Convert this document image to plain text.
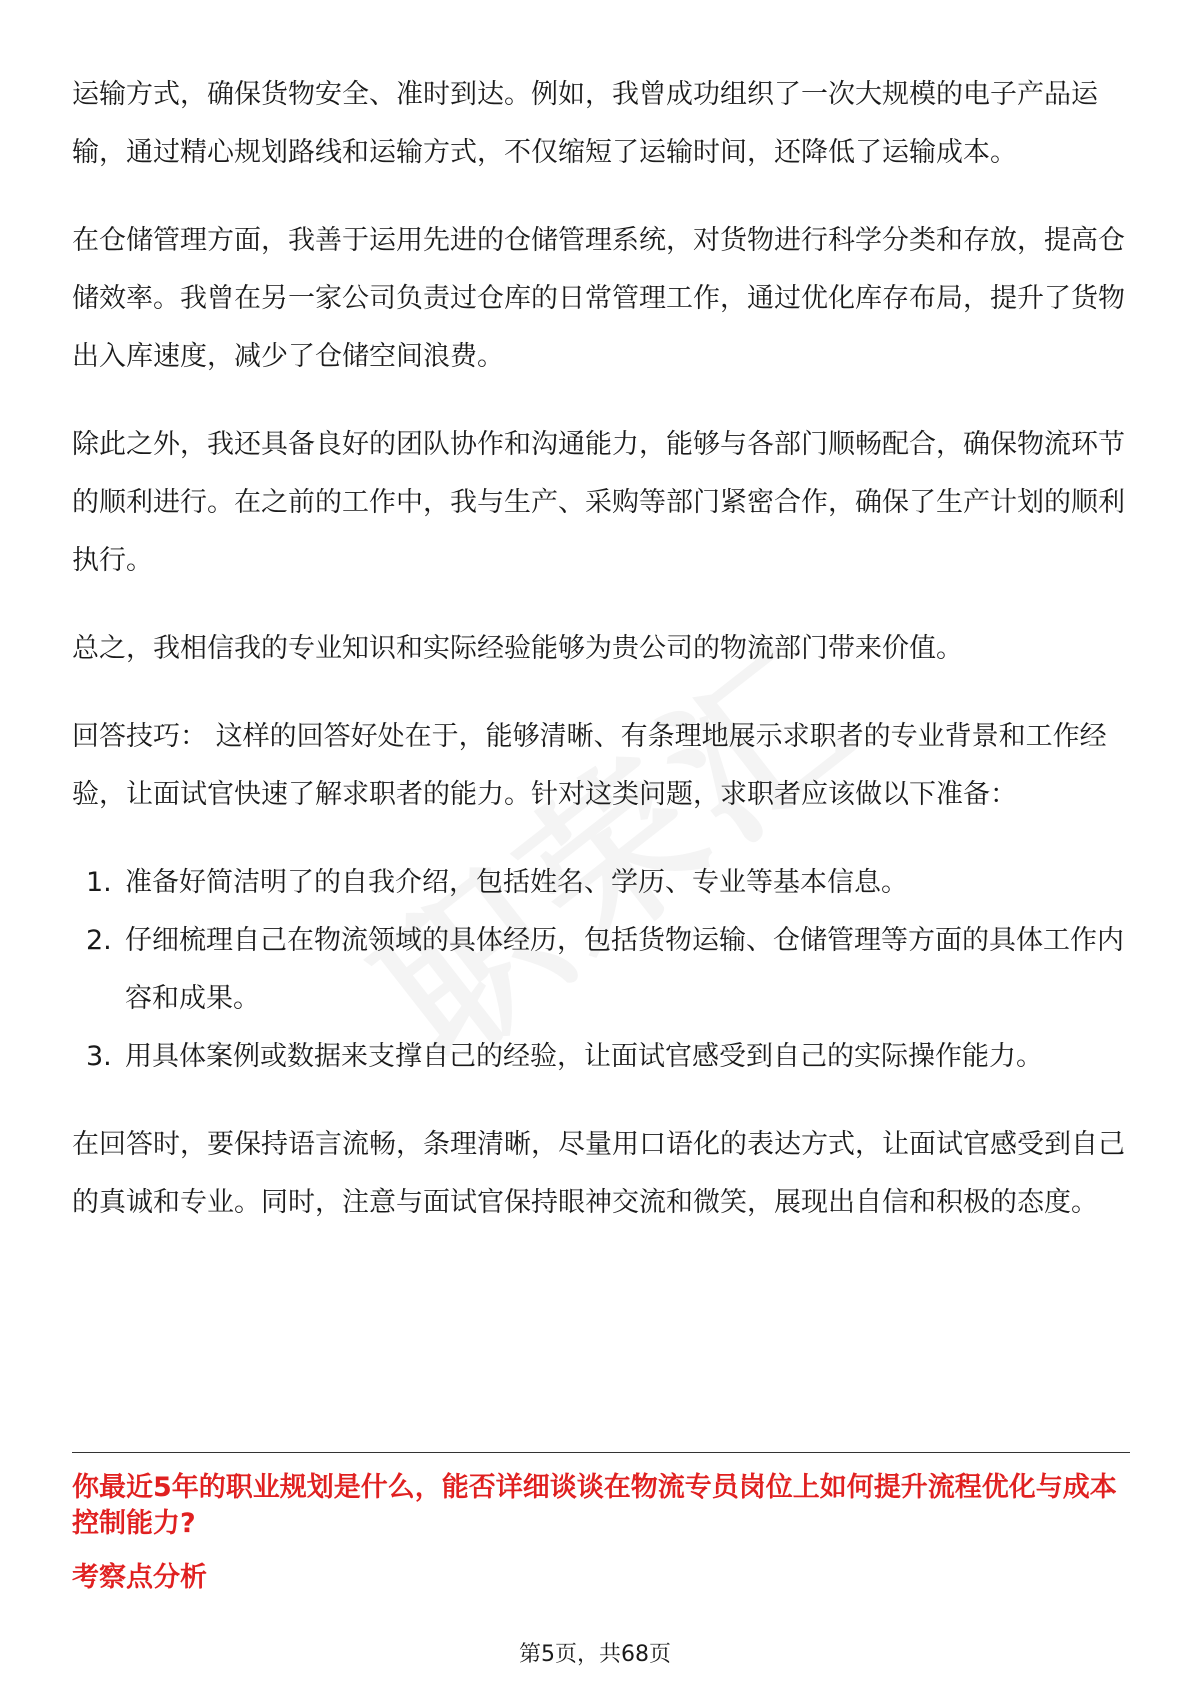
运输方式，确保货物安全、准时到达。例如，我曾成功组织了一次大规模的电子产品运输，通过精心规划路线和运输方式，不仅缩短了运输时间，还降低了运输成本。

在仓储管理方面，我善于运用先进的仓储管理系统，对货物进行科学分类和存放，提高仓储效率。我曾在另一家公司负责过仓库的日常管理工作，通过优化库存布局，提升了货物出入库速度，减少了仓储空间浪费。

除此之外，我还具备良好的团队协作和沟通能力，能够与各部门顺畅配合，确保物流环节的顺利进行。在之前的工作中，我与生产、采购等部门紧密合作，确保了生产计划的顺利执行。

总之，我相信我的专业知识和实际经验能够为贵公司的物流部门带来价值。

回答技巧： 这样的回答好处在于，能够清晰、有条理地展示求职者的专业背景和工作经验，让面试官快速了解求职者的能力。针对这类问题，求职者应该做以下准备：

1. 准备好简洁明了的自我介绍，包括姓名、学历、专业等基本信息。
2. 仔细梳理自己在物流领域的具体经历，包括货物运输、仓储管理等方面的具体工作内容和成果。
3. 用具体案例或数据来支撑自己的经验，让面试官感受到自己的实际操作能力。

在回答时，要保持语言流畅，条理清晰，尽量用口语化的表达方式，让面试官感受到自己的真诚和专业。同时，注意与面试官保持眼神交流和微笑，展现出自信和积极的态度。

你最近5年的职业规划是什么，能否详细谈谈在物流专员岗位上如何提升流程优化与成本控制能力?

考察点分析

第5页，共68页
